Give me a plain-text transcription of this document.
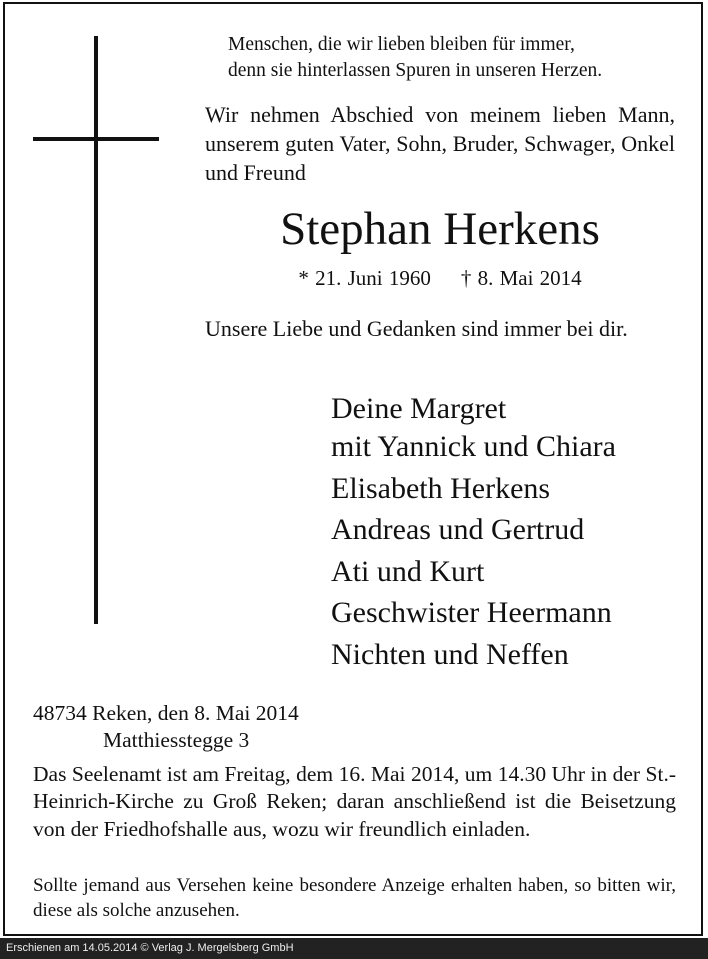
Menschen, die wir lieben bleiben für immer,
denn sie hinterlassen Spuren in unseren Herzen.
Wir nehmen Abschied von meinem lieben Mann, unserem guten Vater, Sohn, Bruder, Schwager, Onkel und Freund
Stephan Herkens
* 21. Juni 1960 † 8. Mai 2014
Unsere Liebe und Gedanken sind immer bei dir.
Deine Margret
mit Yannick und Chiara
Elisabeth Herkens
Andreas und Gertrud
Ati und Kurt
Geschwister Heermann
Nichten und Neffen
48734 Reken, den 8. Mai 2014
Matthiesstegge 3
Das Seelenamt ist am Freitag, dem 16. Mai 2014, um 14.30 Uhr in der St.-Heinrich-Kirche zu Groß Reken; daran anschließend ist die Beisetzung von der Friedhofshalle aus, wozu wir freundlich einladen.
Sollte jemand aus Versehen keine besondere Anzeige erhalten haben, so bitten wir, diese als solche anzusehen.
Erschienen am 14.05.2014 © Verlag J. Mergelsberg GmbH
